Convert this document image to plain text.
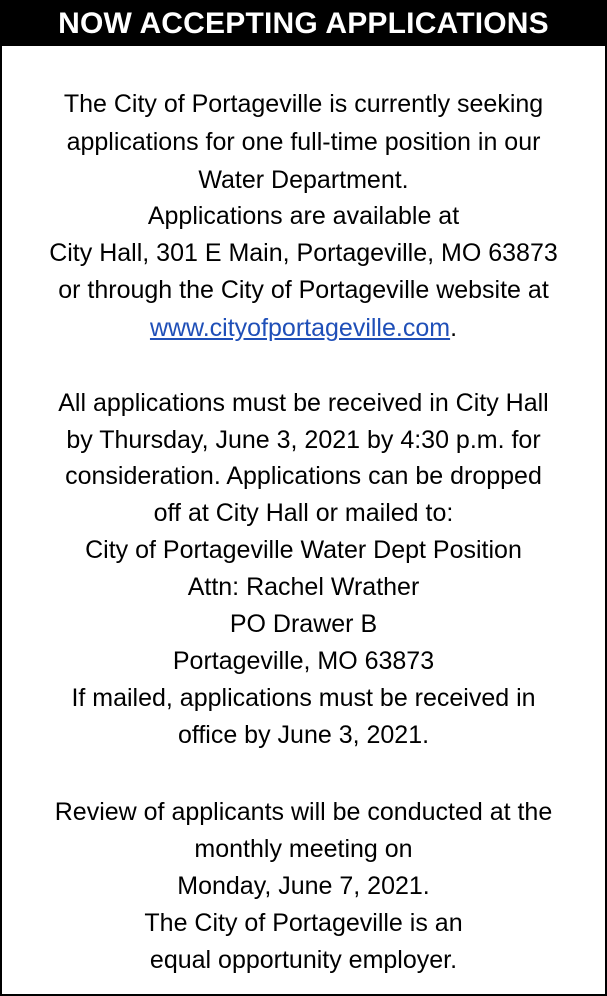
NOW ACCEPTING APPLICATIONS
The City of Portageville is currently seeking
applications for one full-time position in our
Water Department.
Applications are available at
City Hall, 301 E Main, Portageville, MO 63873
or through the City of Portageville website at
www.cityofportageville.com.
All applications must be received in City Hall
by Thursday, June 3, 2021 by 4:30 p.m. for
consideration. Applications can be dropped
off at City Hall or mailed to:
City of Portageville Water Dept Position
Attn: Rachel Wrather
PO Drawer B
Portageville, MO 63873
If mailed, applications must be received in
office by June 3, 2021.
Review of applicants will be conducted at the
monthly meeting on
Monday, June 7, 2021.
The City of Portageville is an
equal opportunity employer.
